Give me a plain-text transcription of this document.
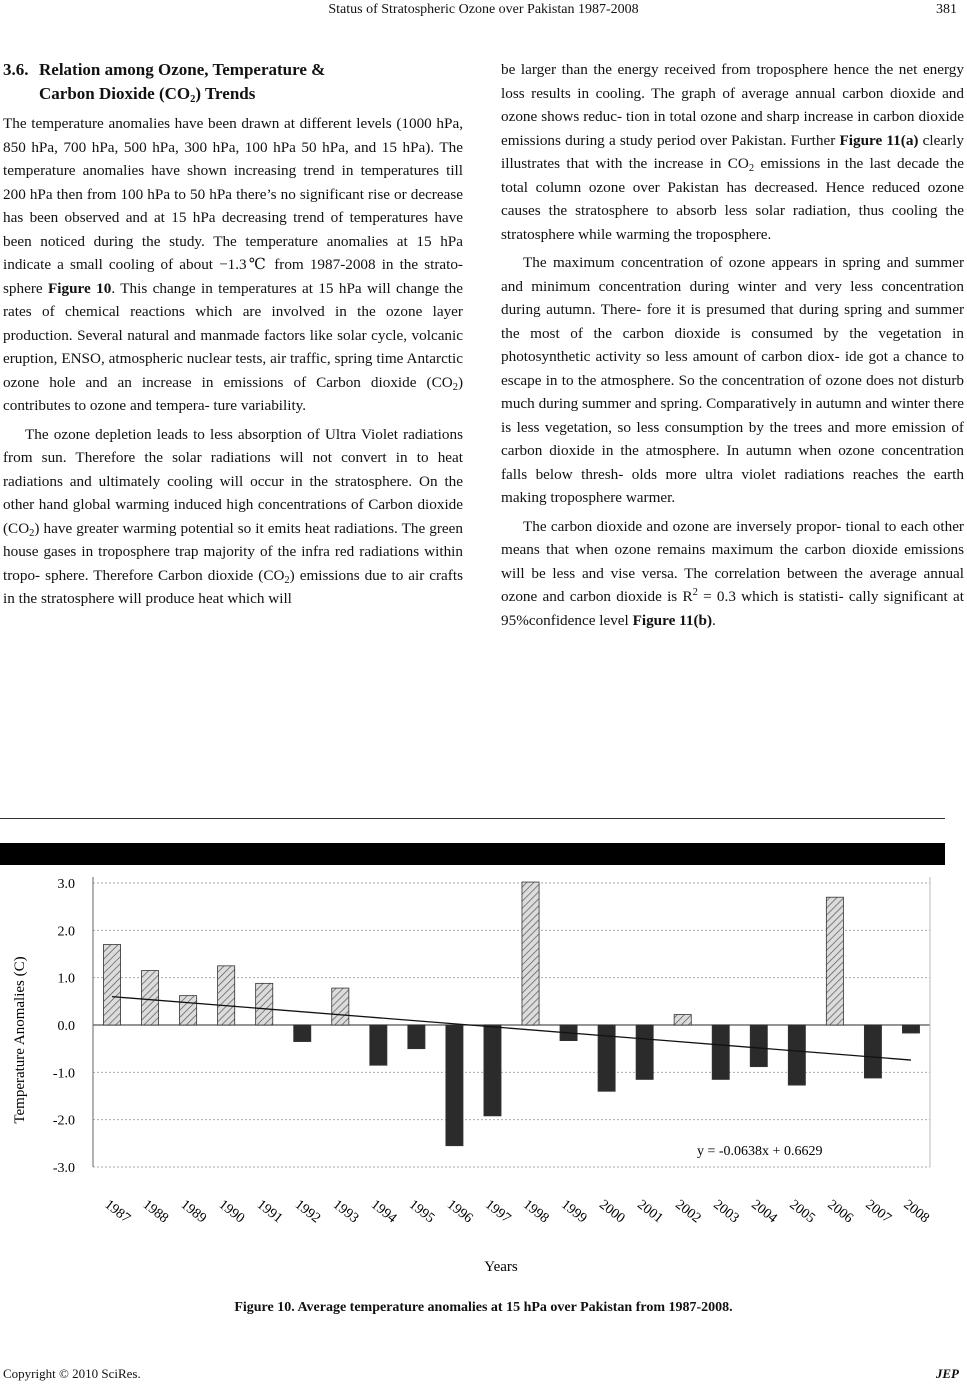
Status of Stratospheric Ozone over Pakistan 1987-2008	381
3.6. Relation among Ozone, Temperature &
Carbon Dioxide $(CO_2)$ Trends

The temperature anomalies have been drawn at different levels (1000 hPa, 850 hPa, 700 hPa, 500 hPa, 300 hPa, 100 hPa 50 hPa, and 15 hPa). The temperature anomalies have shown increasing trend in temperatures till 200 hPa then from 100 hPa to 50 hPa there’s no significant rise or decrease has been observed and at 15 hPa decreasing trend of temperatures have been noticed during the study. The temperature anomalies at 15 hPa indicate a small cooling of about −1.3℃ from 1987-2008 in the strato- sphere Figure 10. This change in temperatures at 15 hPa will change the rates of chemical reactions which are involved in the ozone layer production. Several natural and manmade factors like solar cycle, volcanic eruption, ENSO, atmospheric nuclear tests, air traffic, spring time Antarctic ozone hole and an increase in emissions of Carbon dioxide $(CO_2)$ contributes to ozone and tempera- ture variability.

The ozone depletion leads to less absorption of Ultra Violet radiations from sun. Therefore the solar radiations will not convert in to heat radiations and ultimately cooling will occur in the stratosphere. On the other hand global warming induced high concentrations of Carbon dioxide $(CO_2)$ have greater warming potential so it emits heat radiations. The green house gases in troposphere trap majority of the infra red radiations within tropo- sphere. Therefore Carbon dioxide $(CO_2)$ emissions due to air crafts in the stratosphere will produce heat which will

be larger than the energy received from troposphere hence the net energy loss results in cooling. The graph of average annual carbon dioxide and ozone shows reduc- tion in total ozone and sharp increase in carbon dioxide emissions during a study period over Pakistan. Further Figure 11(a) clearly illustrates that with the increase in $CO_2$ emissions in the last decade the total column ozone over Pakistan has decreased. Hence reduced ozone causes the stratosphere to absorb less solar radiation, thus cooling the stratosphere while warming the troposphere.

The maximum concentration of ozone appears in spring and summer and minimum concentration during winter and very less concentration during autumn. There- fore it is presumed that during spring and summer the most of the carbon dioxide is consumed by the vegetation in photosynthetic activity so less amount of carbon diox- ide got a chance to escape in to the atmosphere. So the concentration of ozone does not disturb much during summer and spring. Comparatively in autumn and winter there is less vegetation, so less consumption by the trees and more emission of carbon dioxide in the atmosphere. In autumn when ozone concentration falls below thresh- olds more ultra violet radiations reaches the earth making troposphere warmer.

The carbon dioxide and ozone are inversely propor- tional to each other means that when ozone remains maximum the carbon dioxide emissions will be less and vise versa. The correlation between the average annual ozone and carbon dioxide is $R^2 = 0.3$ which is statisti- cally significant at 95%confidence level Figure 11(b).

3.0
2.0
1.0
0.0
-1.0
-2.0
-3.0
1987 1988 1989 1990 1991 1992 1993 1994 1995 1996 1997 1998 1999 2000 2001 2002 2003 2004 2005 2006 2007 2008
Temperature Anomalies (C)
Years
y = -0.0638x + 0.6629
Figure 10. Average temperature anomalies at 15 hPa over Pakistan from 1987-2008.
Copyright © 2010 SciRes.	JEP
